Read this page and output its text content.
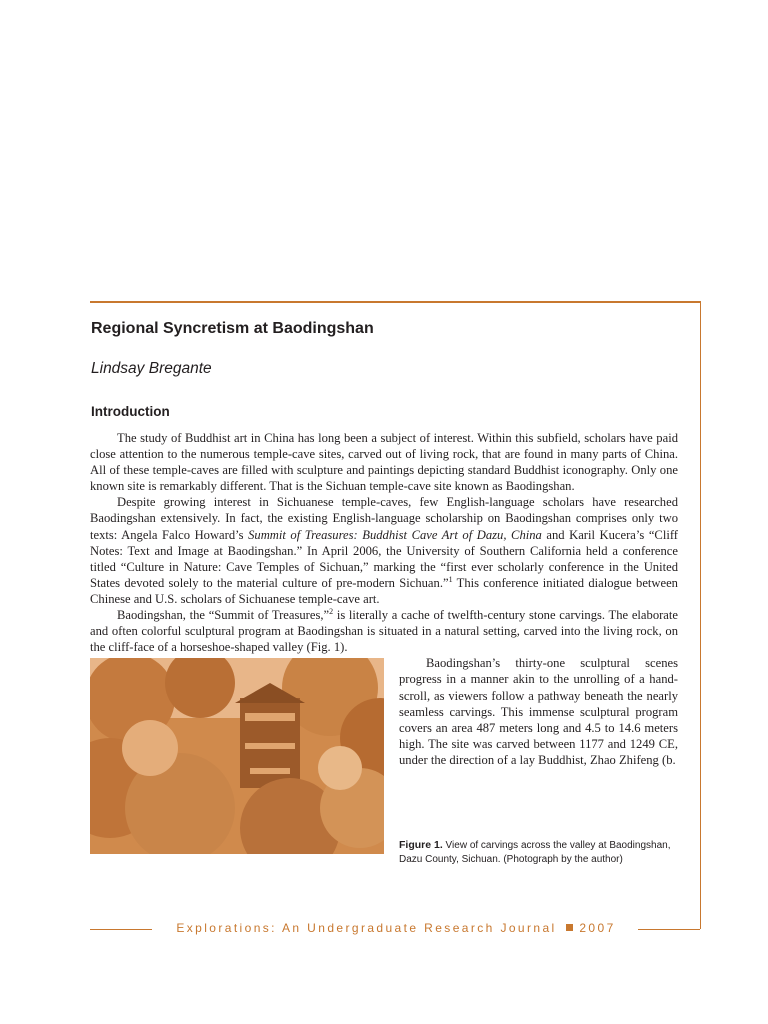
Regional Syncretism at Baodingshan
Lindsay Bregante
Introduction

The study of Buddhist art in China has long been a subject of interest. Within this subfield, scholars have paid close attention to the numerous temple-cave sites, carved out of living rock, that are found in many parts of China. All of these temple-caves are filled with sculpture and paintings depicting standard Buddhist iconography. Only one known site is remarkably different. That is the Sichuan temple-cave site known as Baodingshan.

Despite growing interest in Sichuanese temple-caves, few English-language scholars have researched Baodingshan extensively. In fact, the existing English-language scholarship on Baodingshan comprises only two texts: Angela Falco Howard’s Summit of Treasures: Buddhist Cave Art of Dazu, China and Karil Kucera’s “Cliff Notes: Text and Image at Baodingshan.” In April 2006, the University of Southern California held a conference titled “Culture in Nature: Cave Temples of Sichuan,” marking the “first ever scholarly conference in the United States devoted solely to the material culture of pre-modern Sichuan.”$^1$ This conference initiated dialogue between Chinese and U.S. scholars of Sichuanese temple-cave art.

Baodingshan, the “Summit of Treasures,”$^2$ is literally a cache of twelfth-century stone carvings. The elaborate and often colorful sculptural program at Baodingshan is situated in a natural setting, carved into the living rock, on the cliff-face of a horseshoe-shaped valley (Fig. 1).

Baodingshan’s thirty-one sculptural scenes progress in a manner akin to the unrolling of a hand-scroll, as viewers follow a pathway beneath the nearly seamless carvings. This immense sculptural program covers an area 487 meters long and 4.5 to 14.6 meters high. The site was carved between 1177 and 1249 CE, under the direction of a lay Buddhist, Zhao Zhifeng (b.

Figure 1. View of carvings across the valley at Baodingshan, Dazu County, Sichuan. (Photograph by the author)
Explorations: An Undergraduate Research Journal 2007
